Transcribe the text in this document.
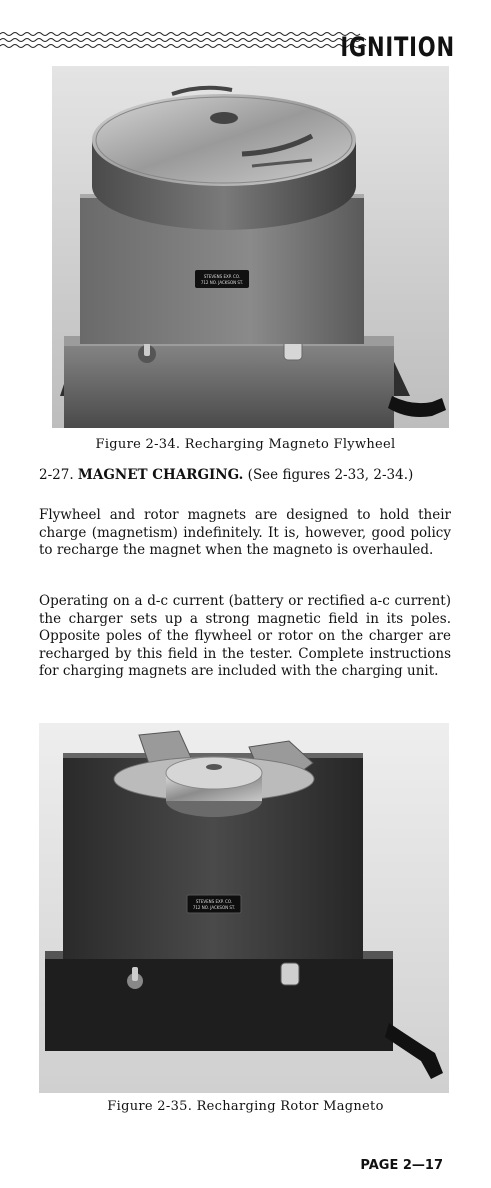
IGNITION
STEVENS EXP. CO.
712 NO. JACKSON ST.
Figure 2-34. Recharging Magneto Flywheel
2-27. MAGNET CHARGING. (See figures 2-33, 2-34.)

Flywheel and rotor magnets are designed to hold their charge (magnetism) indefinitely. It is, however, good policy to recharge the magnet when the magneto is overhauled.

Operating on a d-c current (battery or rectified a-c current) the charger sets up a strong magnetic field in its poles. Opposite poles of the flywheel or rotor on the charger are recharged by this field in the tester. Complete instructions for charging magnets are included with the charging unit.

STEVENS EXP. CO.
712 NO. JACKSON ST.
Figure 2-35. Recharging Rotor Magneto
PAGE 2—17
